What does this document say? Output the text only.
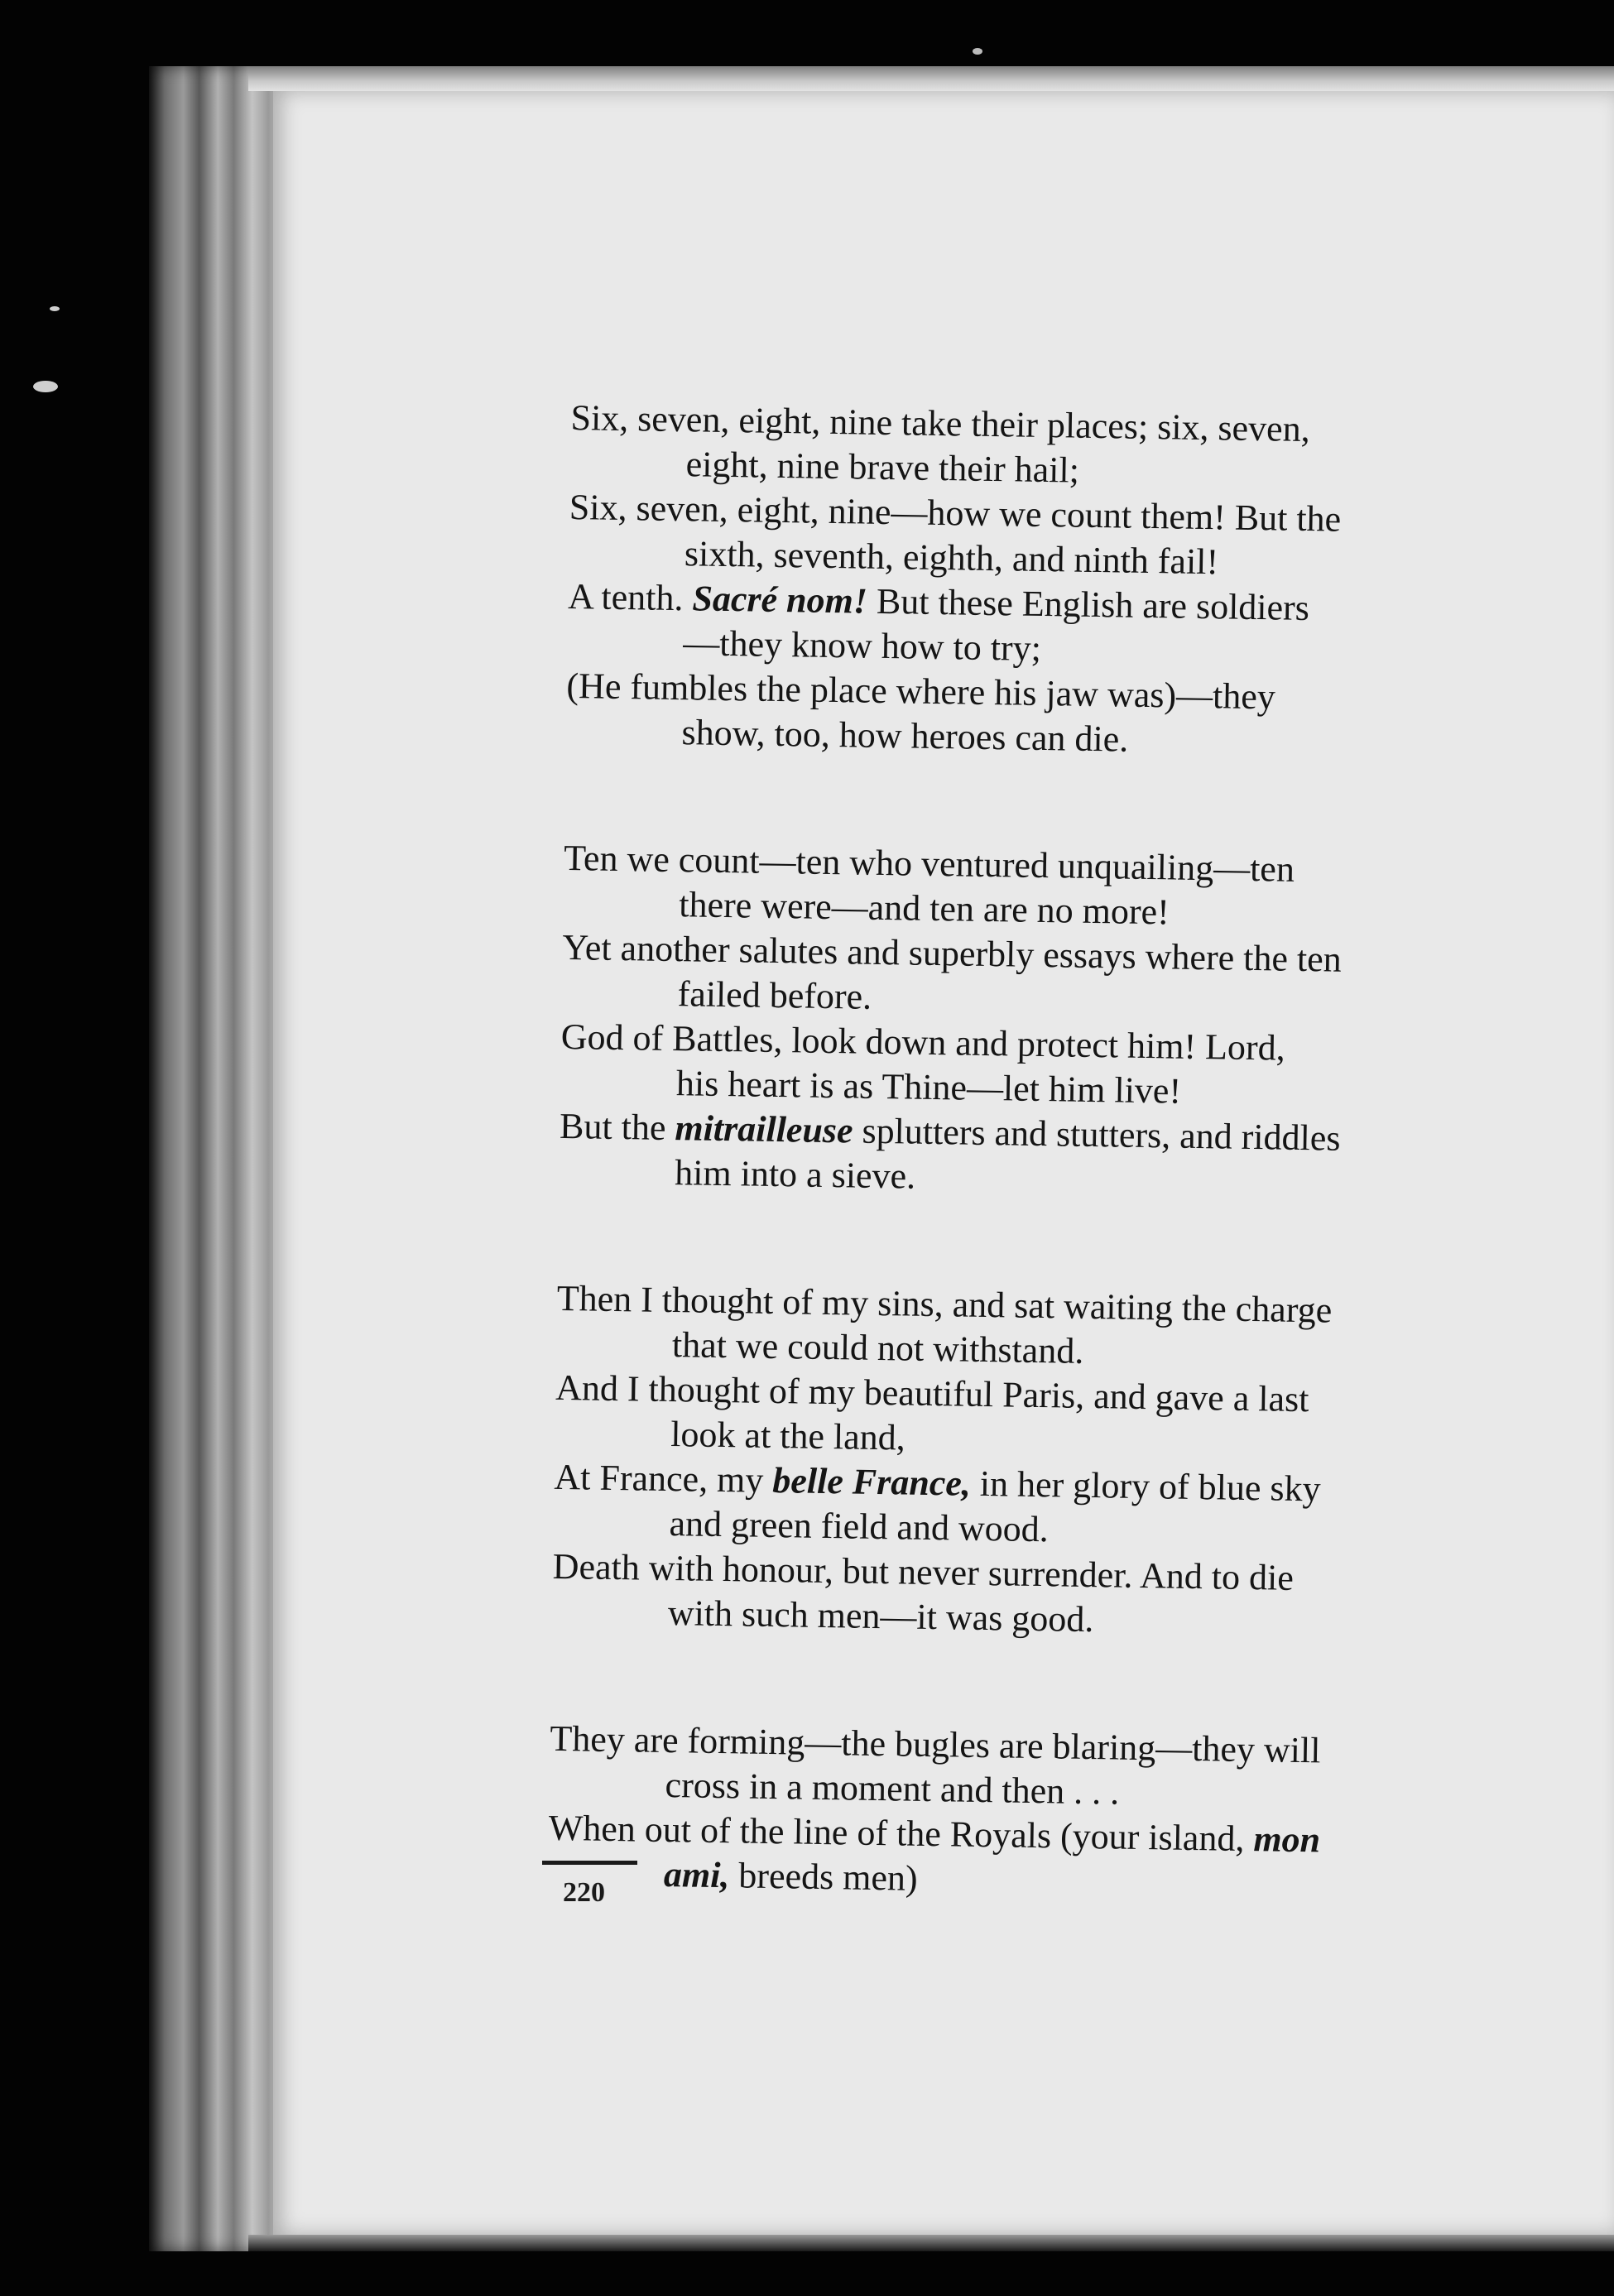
Six, seven, eight, nine take their places; six, seven,
eight, nine brave their hail;
Six, seven, eight, nine—how we count them! But the
sixth, seventh, eighth, and ninth fail!
A tenth. Sacré nom! But these English are soldiers
—they know how to try;
(He fumbles the place where his jaw was)—they
show, too, how heroes can die.
Ten we count—ten who ventured unquailing—ten
there were—and ten are no more!
Yet another salutes and superbly essays where the ten
failed before.
God of Battles, look down and protect him! Lord,
his heart is as Thine—let him live!
But the mitrailleuse splutters and stutters, and riddles
him into a sieve.
Then I thought of my sins, and sat waiting the charge
that we could not withstand.
And I thought of my beautiful Paris, and gave a last
look at the land,
At France, my belle France, in her glory of blue sky
and green field and wood.
Death with honour, but never surrender. And to die
with such men—it was good.
They are forming—the bugles are blaring—they will
cross in a moment and then . . .
When out of the line of the Royals (your island, mon
ami, breeds men)
220
